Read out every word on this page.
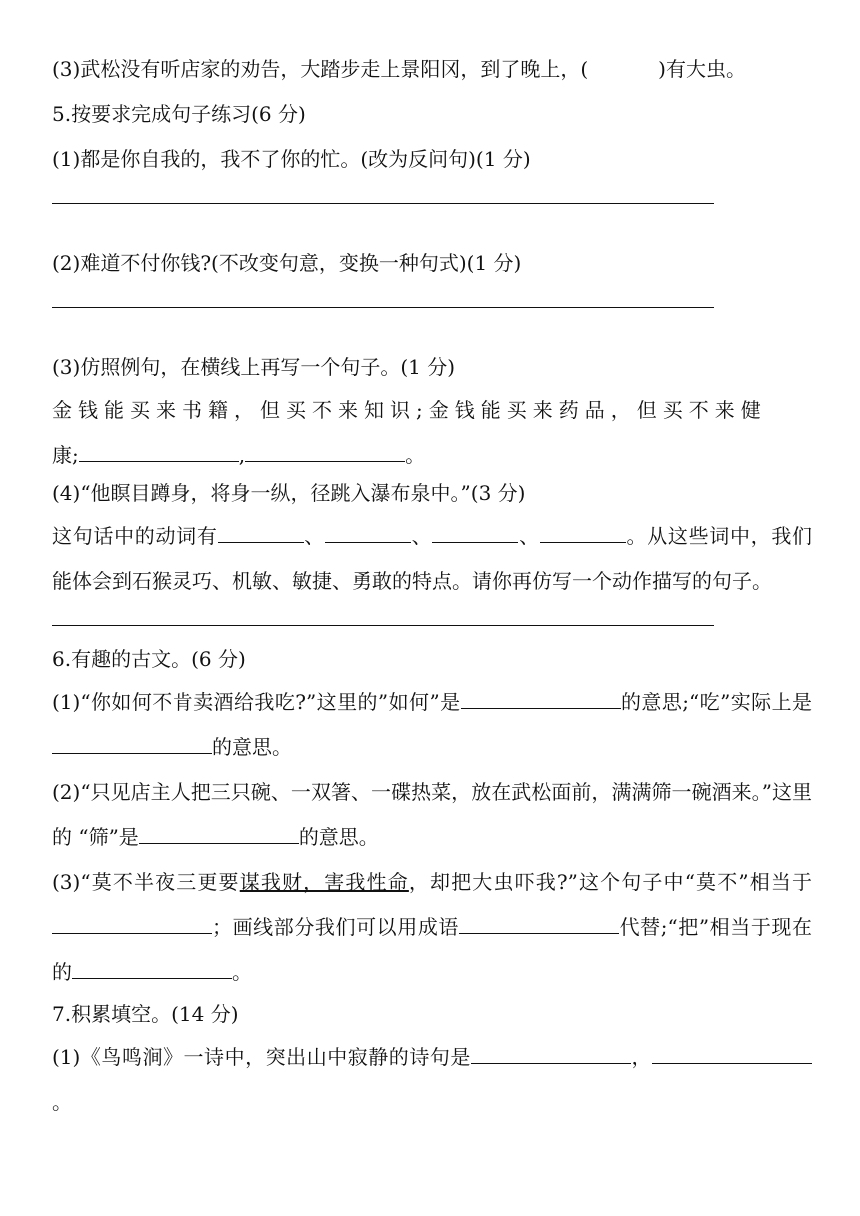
(3)武松没有听店家的劝告，大踏步走上景阳冈，到了晚上，(	)有大虫。
5.按要求完成句子练习(6 分)
(1)都是你自我的，我不了你的忙。(改为反问句)(1 分)
(2)难道不付你钱?(不改变句意，变换一种句式)(1 分)
(3)仿照例句，在横线上再写一个句子。(1 分)
金钱能买来书籍，但买不来知识;金钱能买来药品，但买不来健
康;	,	。
(4)“他瞑目蹲身，将身一纵，径跳入瀑布泉中。”(3 分)
这句话中的动词有	、	、	、	。从这些词中，我们能体会到石猴灵巧、机敏、敏捷、勇敢的特点。请你再仿写一个动作描写的句子。
6.有趣的古文。(6 分)
(1)“你如何不肯卖酒给我吃?”这里的”如何”是	的意思;“吃”实际上是的意思。
(2)“只见店主人把三只碗、一双箸、一碟热菜，放在武松面前，满满筛一碗酒来。”这里的 “筛”是	的意思。
(3)“莫不半夜三更要谋我财，害我性命，却把大虫吓我?”这个句子中“莫不”相当于；画线部分我们可以用成语	代替;“把”相当于现在的	。
7.积累填空。(14 分)
(1)《鸟鸣涧》一诗中，突出山中寂静的诗句是	，。
